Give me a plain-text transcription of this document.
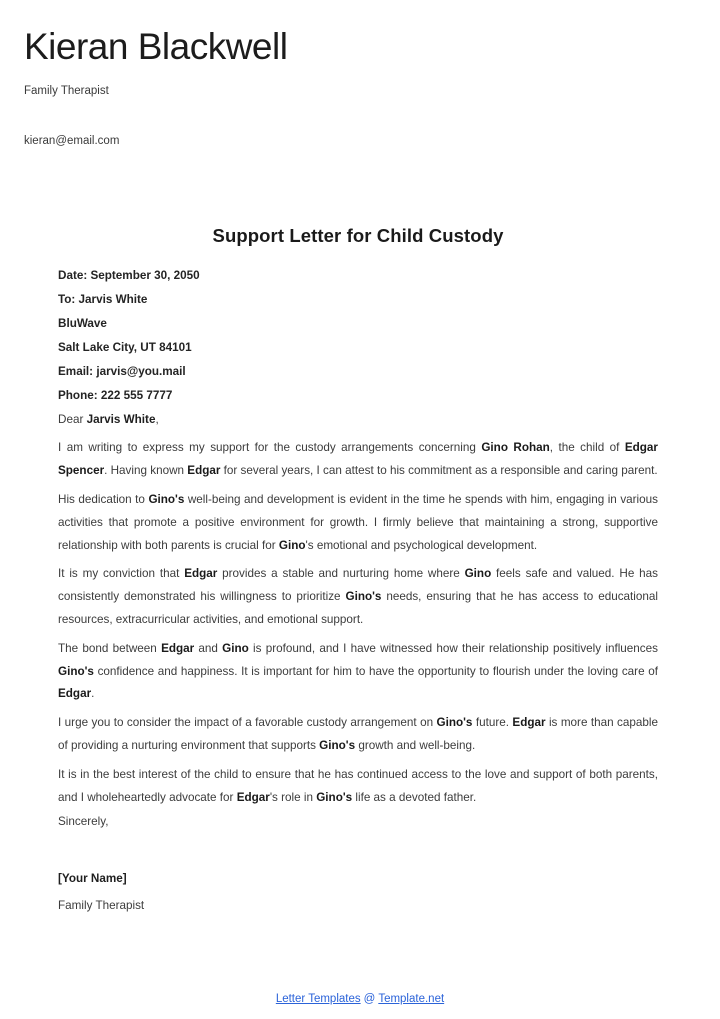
Kieran Blackwell
Family Therapist
kieran@email.com
Support Letter for Child Custody
Date: September 30, 2050
To: Jarvis White
BluWave
Salt Lake City, UT 84101
Email: jarvis@you.mail
Phone: 222 555 7777
Dear Jarvis White,

I am writing to express my support for the custody arrangements concerning Gino Rohan, the child of Edgar Spencer. Having known Edgar for several years, I can attest to his commitment as a responsible and caring parent.

His dedication to Gino's well-being and development is evident in the time he spends with him, engaging in various activities that promote a positive environment for growth. I firmly believe that maintaining a strong, supportive relationship with both parents is crucial for Gino's emotional and psychological development.

It is my conviction that Edgar provides a stable and nurturing home where Gino feels safe and valued. He has consistently demonstrated his willingness to prioritize Gino's needs, ensuring that he has access to educational resources, extracurricular activities, and emotional support.

The bond between Edgar and Gino is profound, and I have witnessed how their relationship positively influences Gino's confidence and happiness. It is important for him to have the opportunity to flourish under the loving care of Edgar.

I urge you to consider the impact of a favorable custody arrangement on Gino's future. Edgar is more than capable of providing a nurturing environment that supports Gino's growth and well-being.

It is in the best interest of the child to ensure that he has continued access to the love and support of both parents, and I wholeheartedly advocate for Edgar's role in Gino's life as a devoted father.

Sincerely,
[Your Name]
Family Therapist
Letter Templates @ Template.net
